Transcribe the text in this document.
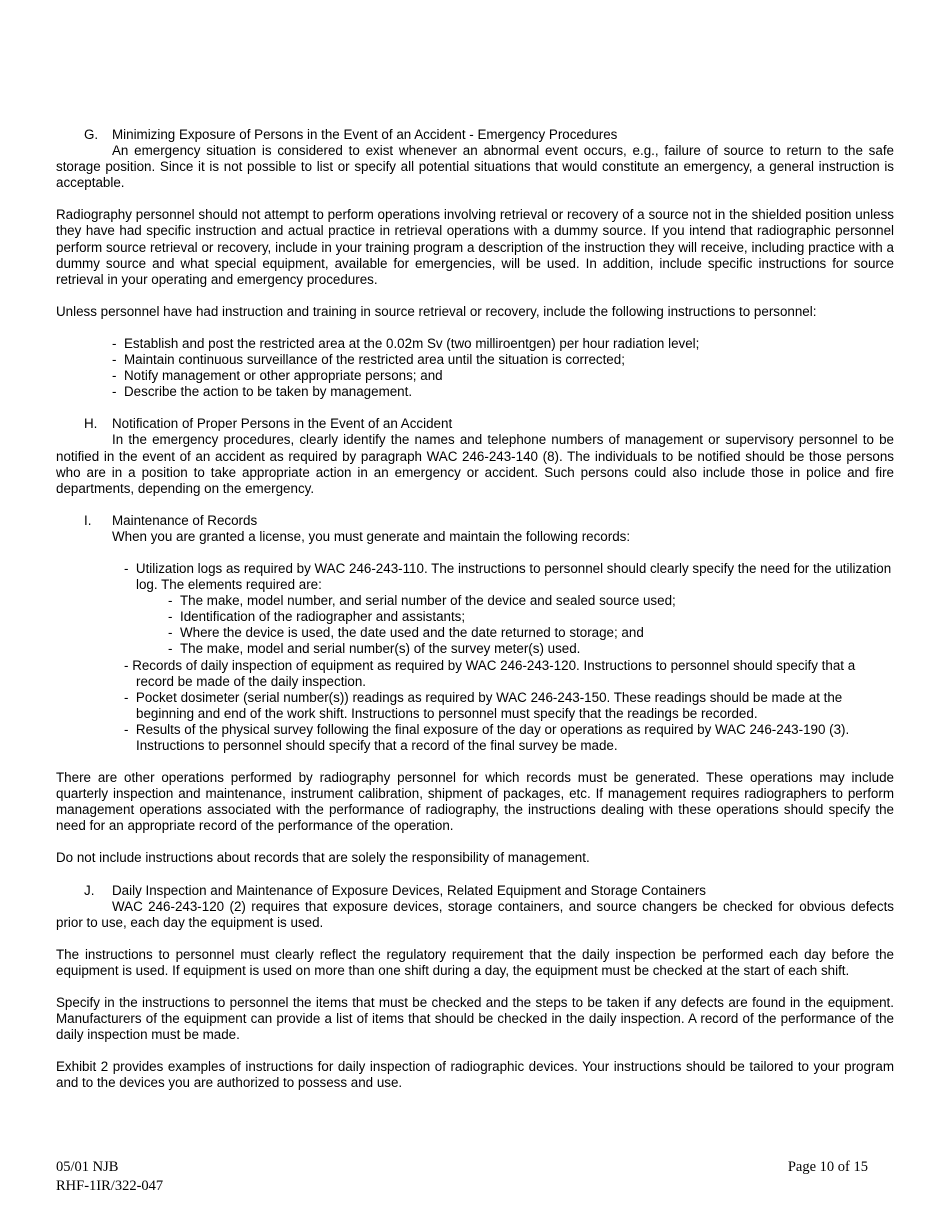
G. Minimizing Exposure of Persons in the Event of an Accident - Emergency Procedures

An emergency situation is considered to exist whenever an abnormal event occurs, e.g., failure of source to return to the safe storage position. Since it is not possible to list or specify all potential situations that would constitute an emergency, a general instruction is acceptable.

Radiography personnel should not attempt to perform operations involving retrieval or recovery of a source not in the shielded position unless they have had specific instruction and actual practice in retrieval operations with a dummy source. If you intend that radiographic personnel perform source retrieval or recovery, include in your training program a description of the instruction they will receive, including practice with a dummy source and what special equipment, available for emergencies, will be used. In addition, include specific instructions for source retrieval in your operating and emergency procedures.

Unless personnel have had instruction and training in source retrieval or recovery, include the following instructions to personnel:

- Establish and post the restricted area at the 0.02m Sv (two milliroentgen) per hour radiation level;
- Maintain continuous surveillance of the restricted area until the situation is corrected;
- Notify management or other appropriate persons; and
- Describe the action to be taken by management.

H. Notification of Proper Persons in the Event of an Accident

In the emergency procedures, clearly identify the names and telephone numbers of management or supervisory personnel to be notified in the event of an accident as required by paragraph WAC 246-243-140 (8). The individuals to be notified should be those persons who are in a position to take appropriate action in an emergency or accident. Such persons could also include those in police and fire departments, depending on the emergency.

I. Maintenance of Records

When you are granted a license, you must generate and maintain the following records:

-  Utilization logs as required by WAC 246-243-110. The instructions to personnel should clearly specify the need for the utilization log. The elements required are:
- The make, model number, and serial number of the device and sealed source used;
- Identification of the radiographer and assistants;
- Where the device is used, the date used and the date returned to storage; and
- The make, model and serial number(s) of the survey meter(s) used.
- Records of daily inspection of equipment as required by WAC 246-243-120. Instructions to personnel should specify that a record be made of the daily inspection.
-  Pocket dosimeter (serial number(s)) readings as required by WAC 246-243-150. These readings should be made at the beginning and end of the work shift. Instructions to personnel must specify that the readings be recorded.
-  Results of the physical survey following the final exposure of the day or operations as required by WAC 246-243-190 (3). Instructions to personnel should specify that a record of the final survey be made.

There are other operations performed by radiography personnel for which records must be generated. These operations may include quarterly inspection and maintenance, instrument calibration, shipment of packages, etc. If management requires radiographers to perform management operations associated with the performance of radiography, the instructions dealing with these operations should specify the need for an appropriate record of the performance of the operation.

Do not include instructions about records that are solely the responsibility of management.

J. Daily Inspection and Maintenance of Exposure Devices, Related Equipment and Storage Containers

WAC 246-243-120 (2) requires that exposure devices, storage containers, and source changers be checked for obvious defects prior to use, each day the equipment is used.

The instructions to personnel must clearly reflect the regulatory requirement that the daily inspection be performed each day before the equipment is used. If equipment is used on more than one shift during a day, the equipment must be checked at the start of each shift.

Specify in the instructions to personnel the items that must be checked and the steps to be taken if any defects are found in the equipment. Manufacturers of the equipment can provide a list of items that should be checked in the daily inspection. A record of the performance of the daily inspection must be made.

Exhibit 2 provides examples of instructions for daily inspection of radiographic devices. Your instructions should be tailored to your program and to the devices you are authorized to possess and use.

05/01 NJB
RHF-1IR/322-047
Page 10 of 15
